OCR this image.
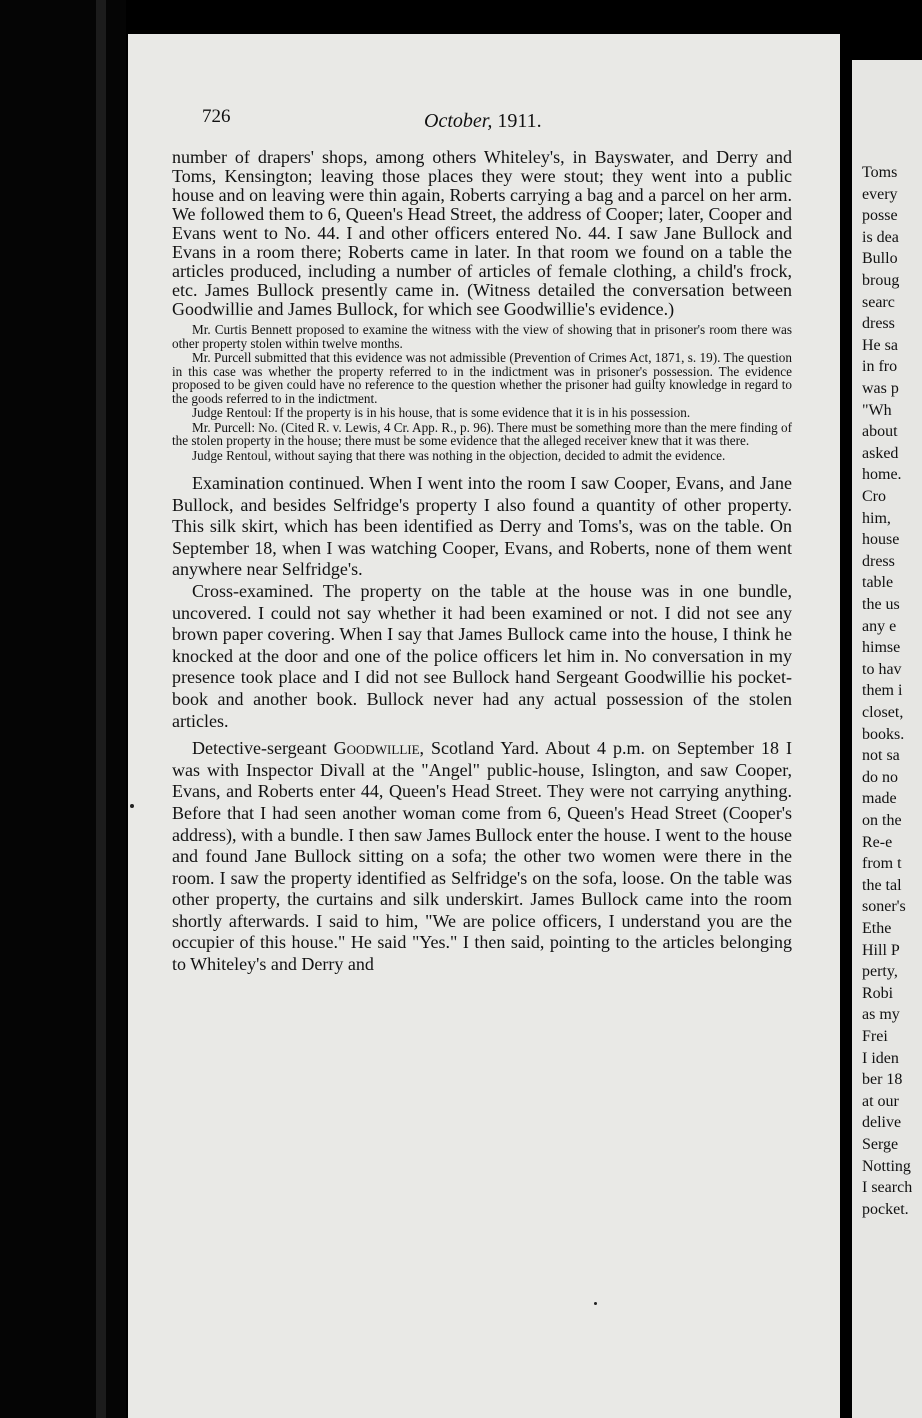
726	October, 1911.

number of drapers' shops, among others Whiteley's, in Bayswater, and Derry and Toms, Kensington; leaving those places they were stout; they went into a public house and on leaving were thin again, Roberts carrying a bag and a parcel on her arm. We followed them to 6, Queen's Head Street, the address of Cooper; later, Cooper and Evans went to No. 44. I and other officers entered No. 44. I saw Jane Bullock and Evans in a room there; Roberts came in later. In that room we found on a table the articles produced, including a number of articles of female clothing, a child's frock, etc. James Bullock presently came in. (Witness detailed the conversation between Goodwillie and James Bullock, for which see Goodwillie's evidence.)

Mr. Curtis Bennett proposed to examine the witness with the view of showing that in prisoner's room there was other property stolen within twelve months.

Mr. Purcell submitted that this evidence was not admissible (Prevention of Crimes Act, 1871, s. 19). The question in this case was whether the property referred to in the indictment was in prisoner's possession. The evidence proposed to be given could have no reference to the question whether the prisoner had guilty knowledge in regard to the goods referred to in the indictment.

Judge Rentoul: If the property is in his house, that is some evidence that it is in his possession.

Mr. Purcell: No. (Cited R. v. Lewis, 4 Cr. App. R., p. 96). There must be something more than the mere finding of the stolen property in the house; there must be some evidence that the alleged receiver knew that it was there.

Judge Rentoul, without saying that there was nothing in the objection, decided to admit the evidence.

Examination continued. When I went into the room I saw Cooper, Evans, and Jane Bullock, and besides Selfridge's property I also found a quantity of other property. This silk skirt, which has been identified as Derry and Toms's, was on the table. On September 18, when I was watching Cooper, Evans, and Roberts, none of them went anywhere near Selfridge's.

Cross-examined. The property on the table at the house was in one bundle, uncovered. I could not say whether it had been examined or not. I did not see any brown paper covering. When I say that James Bullock came into the house, I think he knocked at the door and one of the police officers let him in. No conversation in my presence took place and I did not see Bullock hand Sergeant Goodwillie his pocket-book and another book. Bullock never had any actual possession of the stolen articles.

Detective-sergeant Goodwillie, Scotland Yard. About 4 p.m. on September 18 I was with Inspector Divall at the "Angel" public-house, Islington, and saw Cooper, Evans, and Roberts enter 44, Queen's Head Street. They were not carrying anything. Before that I had seen another woman come from 6, Queen's Head Street (Cooper's address), with a bundle. I then saw James Bullock enter the house. I went to the house and found Jane Bullock sitting on a sofa; the other two women were there in the room. I saw the property identified as Selfridge's on the sofa, loose. On the table was other property, the curtains and silk underskirt. James Bullock came into the room shortly afterwards. I said to him, "We are police officers, I understand you are the occupier of this house." He said "Yes." I then said, pointing to the articles belonging to Whiteley's and Derry and

Toms
every
posse
is dea
Bullo
broug
searc
dress
He sa
in fro
was p
"Wh
about
asked
home.
Cro
him,
house
dress
table
the us
any e
himse
to hav
them i
closet,
books.
not sa
do no
made
on the
Re-e
from t
the tal
soner's
Ethe
Hill P
perty,
Robi
as my
Frei
I iden
ber 18
at our
delive
Serge
Notting
I search
pocket.
